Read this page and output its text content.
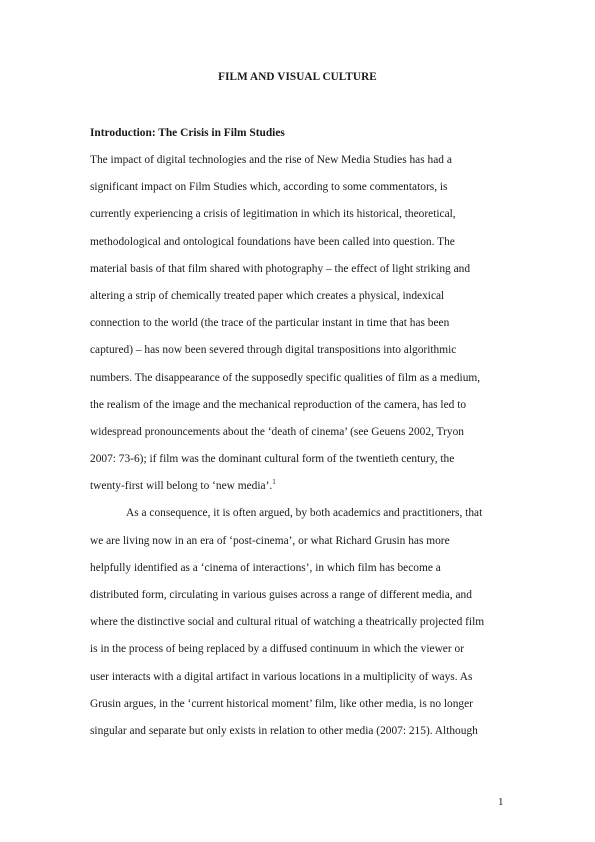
FILM AND VISUAL CULTURE
Introduction: The Crisis in Film Studies
The impact of digital technologies and the rise of New Media Studies has had a
significant impact on Film Studies which, according to some commentators, is
currently experiencing a crisis of legitimation in which its historical, theoretical,
methodological and ontological foundations have been called into question. The
material basis of that film shared with photography – the effect of light striking and
altering a strip of chemically treated paper which creates a physical, indexical
connection to the world (the trace of the particular instant in time that has been
captured) – has now been severed through digital transpositions into algorithmic
numbers. The disappearance of the supposedly specific qualities of film as a medium,
the realism of the image and the mechanical reproduction of the camera, has led to
widespread pronouncements about the ‘death of cinema’ (see Geuens 2002, Tryon
2007: 73-6); if film was the dominant cultural form of the twentieth century, the
twenty-first will belong to ‘new media’.$^1$
As a consequence, it is often argued, by both academics and practitioners, that
we are living now in an era of ‘post-cinema’, or what Richard Grusin has more
helpfully identified as a ‘cinema of interactions’, in which film has become a
distributed form, circulating in various guises across a range of different media, and
where the distinctive social and cultural ritual of watching a theatrically projected film
is in the process of being replaced by a diffused continuum in which the viewer or
user interacts with a digital artifact in various locations in a multiplicity of ways. As
Grusin argues, in the ‘current historical moment’ film, like other media, is no longer
singular and separate but only exists in relation to other media (2007: 215). Although
1
